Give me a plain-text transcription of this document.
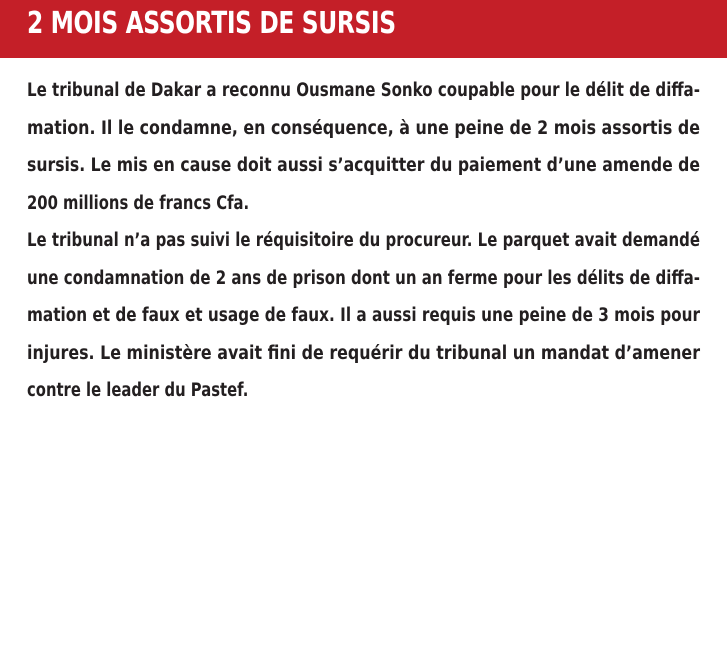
2 MOIS ASSORTIS DE SURSIS
Le tribunal de Dakar a reconnu Ousmane Sonko coupable pour le délit de diffa-
mation. Il le condamne, en conséquence, à une peine de 2 mois assortis de
sursis. Le mis en cause doit aussi s’acquitter du paiement d’une amende de
200 millions de francs Cfa.
Le tribunal n’a pas suivi le réquisitoire du procureur. Le parquet avait demandé
une condamnation de 2 ans de prison dont un an ferme pour les délits de diffa-
mation et de faux et usage de faux. Il a aussi requis une peine de 3 mois pour
injures. Le ministère avait fini de requérir du tribunal un mandat d’amener
contre le leader du Pastef.
